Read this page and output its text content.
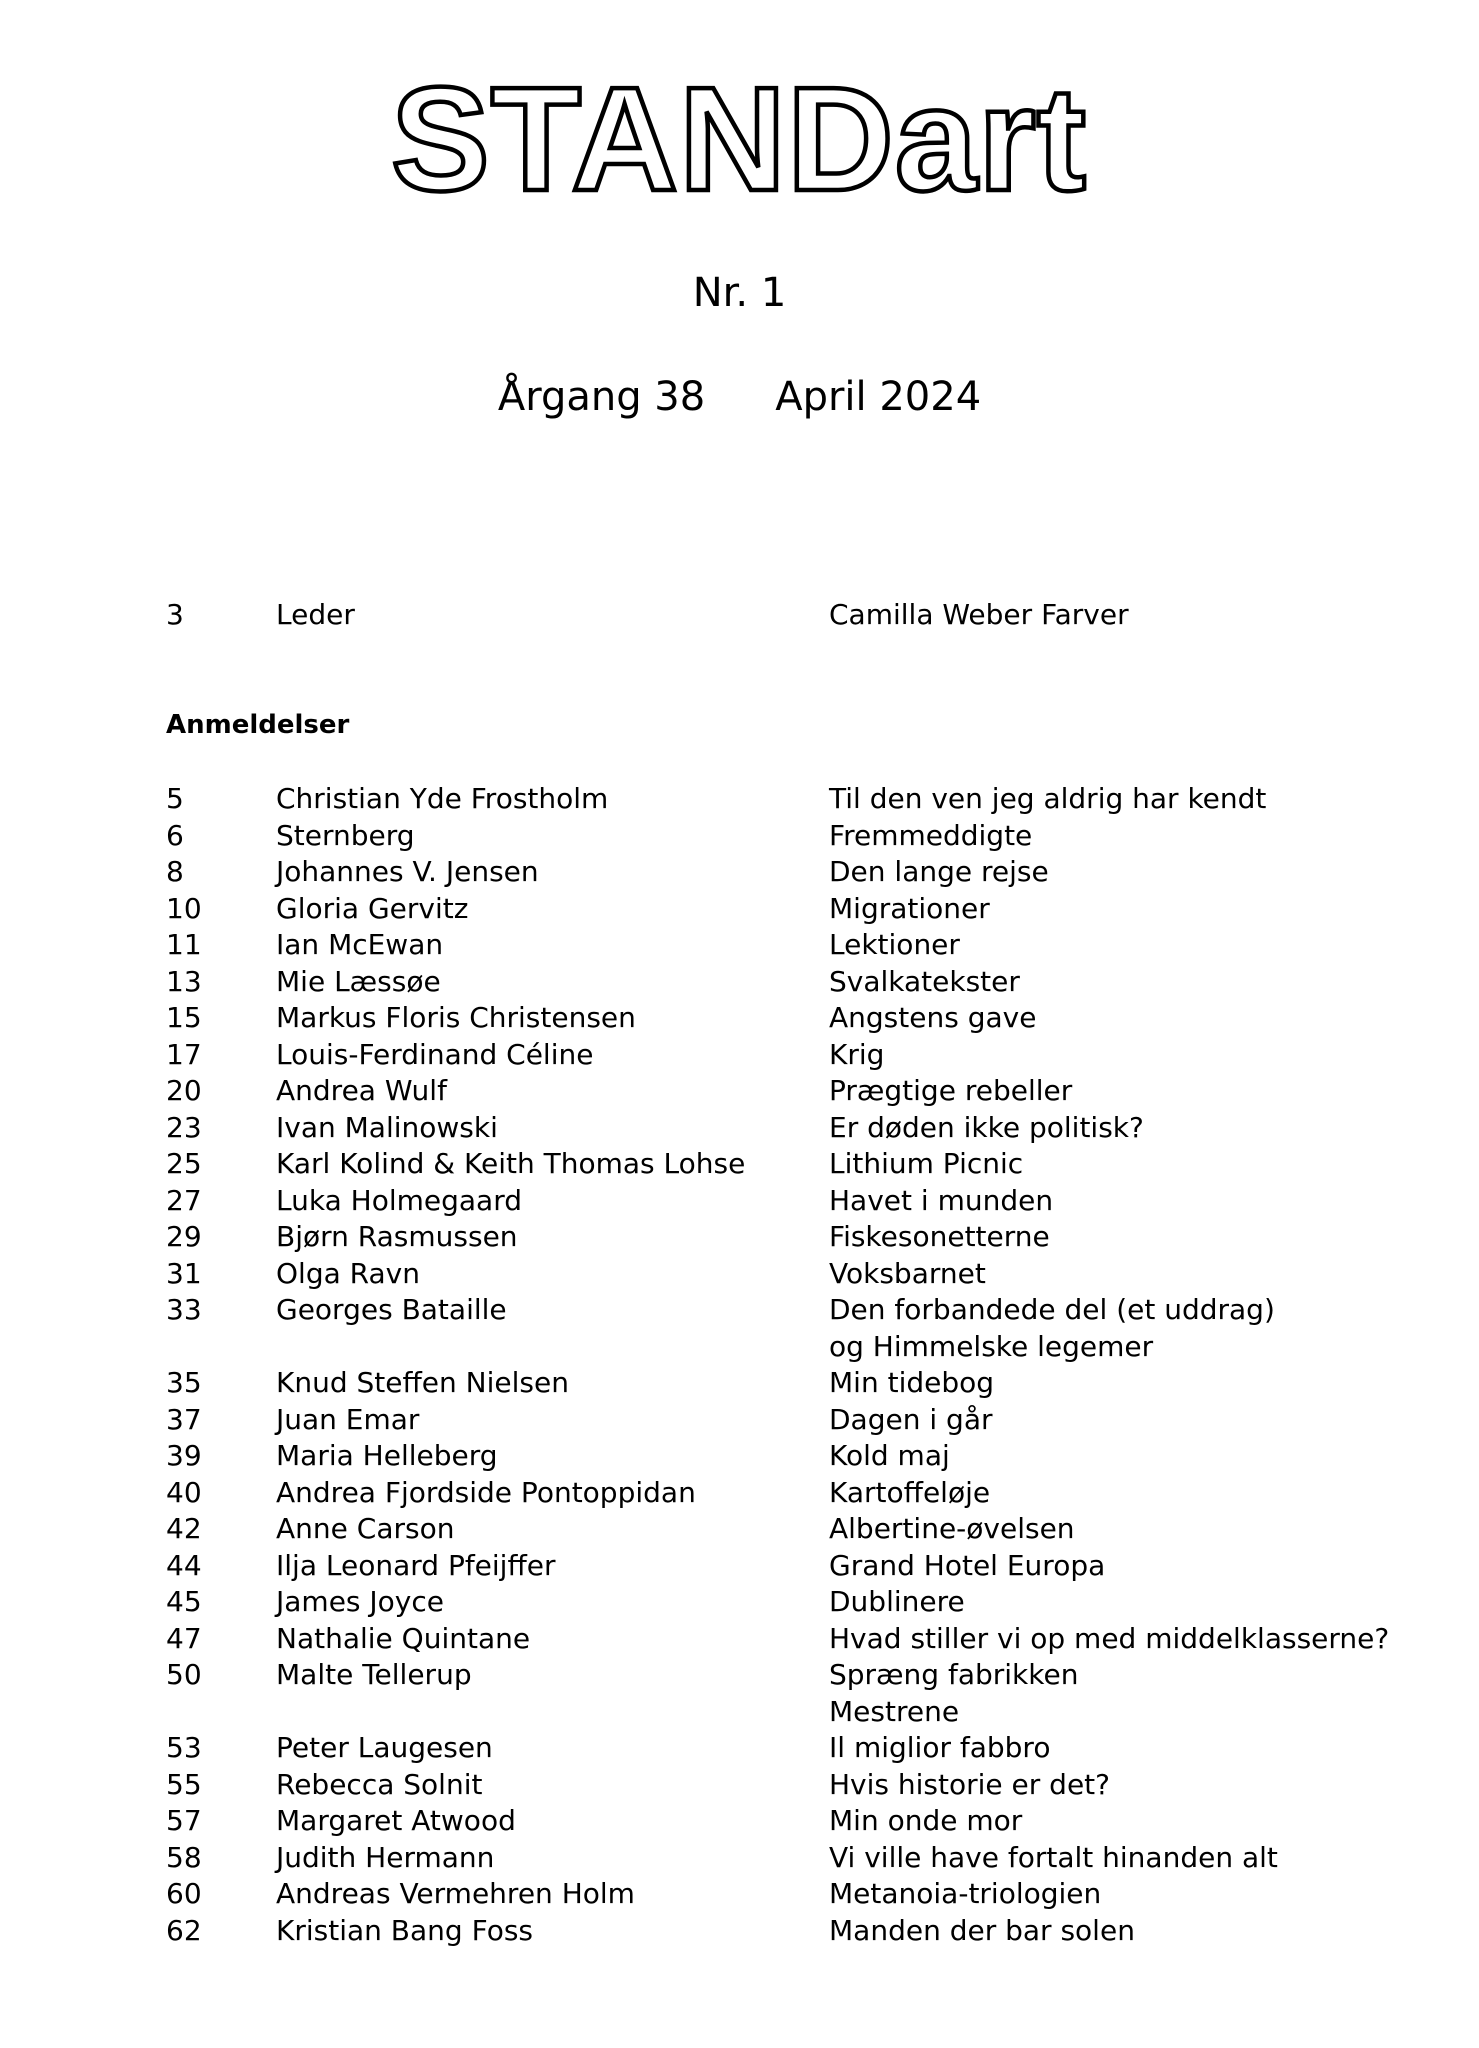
STANDart
Nr. 1
Årgang 38 April 2024
3	Leder	Camilla Weber Farver
Anmeldelser
5	Christian Yde Frostholm	Til den ven jeg aldrig har kendt
6	Sternberg	Fremmeddigte
8	Johannes V. Jensen	Den lange rejse
10	Gloria Gervitz	Migrationer
11	Ian McEwan	Lektioner
13	Mie Læssøe	Svalkatekster
15	Markus Floris Christensen	Angstens gave
17	Louis-Ferdinand Céline	Krig
20	Andrea Wulf	Prægtige rebeller
23	Ivan Malinowski	Er døden ikke politisk?
25	Karl Kolind & Keith Thomas Lohse	Lithium Picnic
27	Luka Holmegaard	Havet i munden
29	Bjørn Rasmussen	Fiskesonetterne
31	Olga Ravn	Voksbarnet
33	Georges Bataille	Den forbandede del (et uddrag)
og Himmelske legemer
35	Knud Steffen Nielsen	Min tidebog
37	Juan Emar	Dagen i går
39	Maria Helleberg	Kold maj
40	Andrea Fjordside Pontoppidan	Kartoffeløje
42	Anne Carson	Albertine-øvelsen
44	Ilja Leonard Pfeijffer	Grand Hotel Europa
45	James Joyce	Dublinere
47	Nathalie Quintane	Hvad stiller vi op med middelklasserne?
50	Malte Tellerup	Spræng fabrikken
Mestrene
53	Peter Laugesen	Il miglior fabbro
55	Rebecca Solnit	Hvis historie er det?
57	Margaret Atwood	Min onde mor
58	Judith Hermann	Vi ville have fortalt hinanden alt
60	Andreas Vermehren Holm	Metanoia-triologien
62	Kristian Bang Foss	Manden der bar solen
